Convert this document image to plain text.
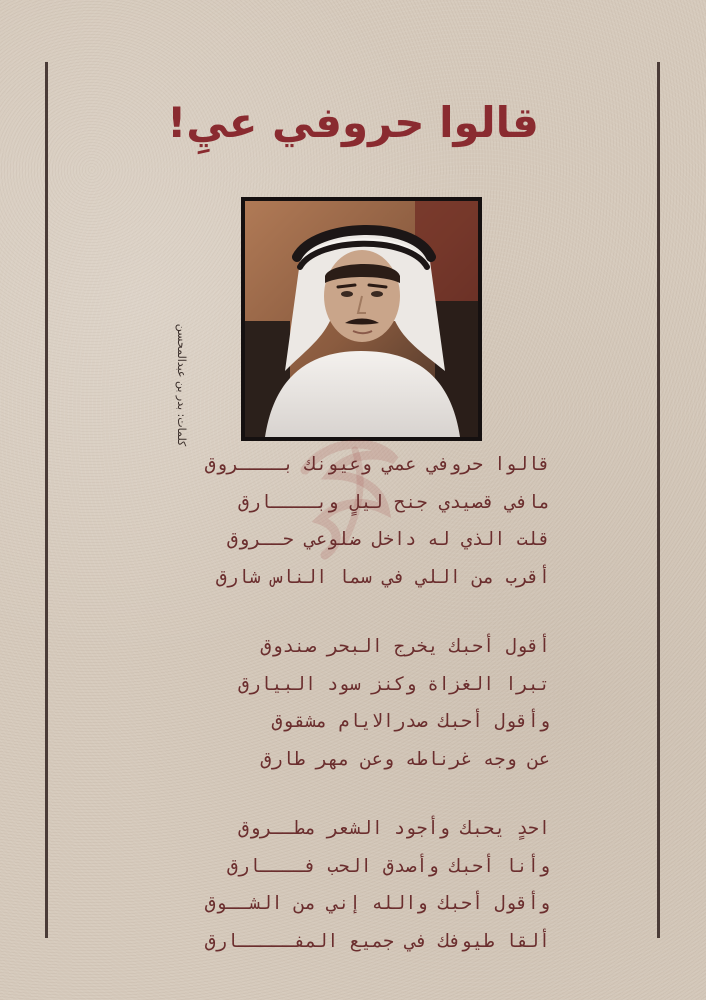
قالوا حروفي عيِ!
كلمات: بدر بن عبدالمحسن
قالوا حروفي عمي وعيونك بــــروق
مافي قصيدي جنح ليلٍ وبــــارق
قلت الذي له داخل ضلوعي حــروق
أقرب من اللي في سما الناس شارق
أقول أحبك يخرج البحر صندوق
تبرا الغزاة وكنز سود البيارق
وأقول أحبك صدرالايام مشقوق
عن وجه غرناطه وعن مهر طارق
احدٍ يحبك وأجود الشعر مطــروق
وأنا أحبك وأصدق الحب فــــارق
وأقول أحبك والله إني من الشــوق
ألقا طيوفك في جميع المفـــــارق
